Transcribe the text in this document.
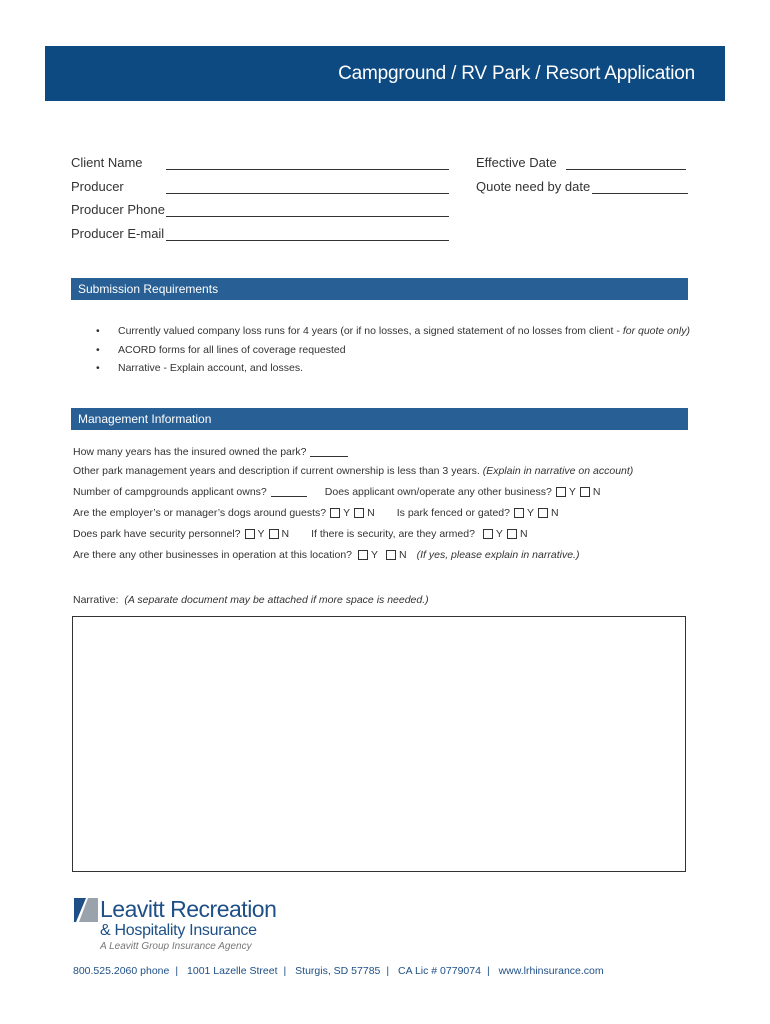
Campground / RV Park / Resort Application
Client Name
Producer
Producer Phone
Producer E-mail
Effective Date
Quote need by date
Submission Requirements
•	Currently valued company loss runs for 4 years (or if no losses, a signed statement of no losses from client - for quote only)
•	ACORD forms for all lines of coverage requested
•	Narrative - Explain account, and losses.
Management Information
How many years has the insured owned the park?
Other park management years and description if current ownership is less than 3 years.
(Explain in narrative on account)
Number of campgrounds applicant owns?	Does applicant own/operate any other business? Y N
Are the employer’s or manager’s dogs around guests? Y N Is park fenced or gated? Y N
Does park have security personnel? Y N If there is security, are they armed? Y N
Are there any other businesses in operation at this location? Y N (If yes, please explain in narrative.)
Narrative:
(A separate document may be attached if more space is needed.)
Leavitt Recreation
& Hospitality Insurance
A Leavitt Group Insurance Agency
800.525.2060 phone | 1001 Lazelle Street | Sturgis, SD 57785 | CA Lic # 0779074 | www.lrhinsurance.com
